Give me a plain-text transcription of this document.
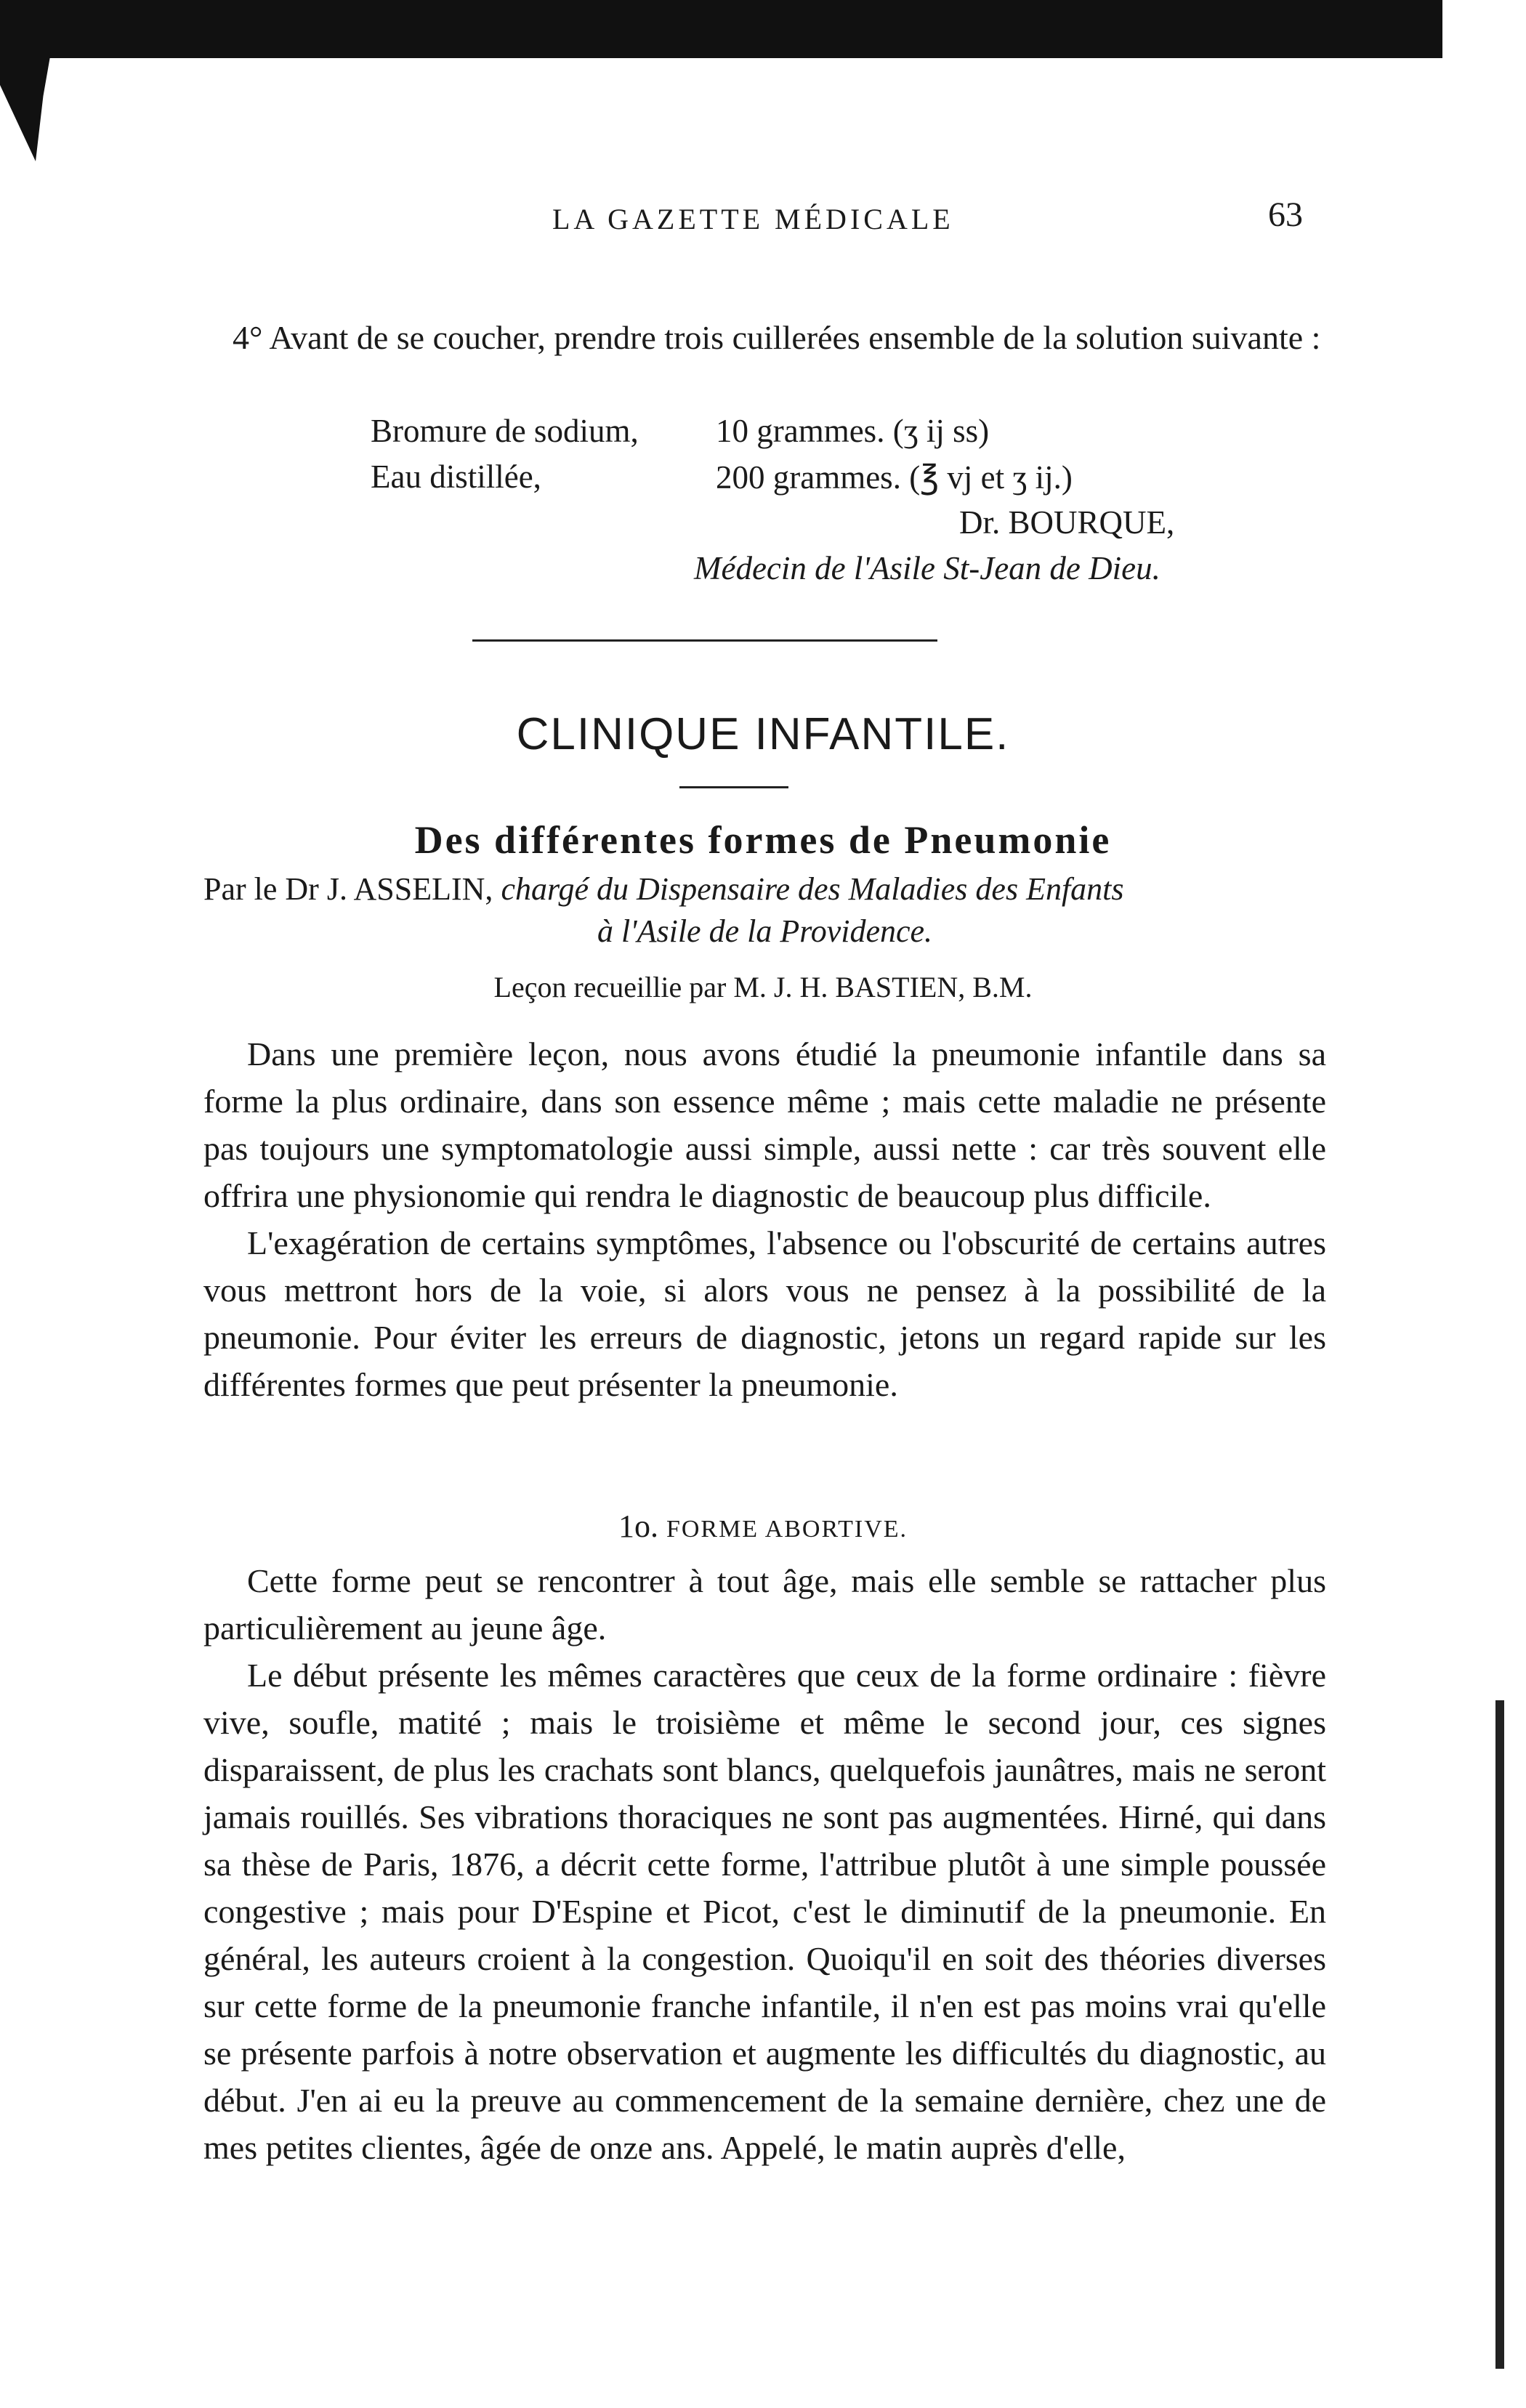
LA GAZETTE MÉDICALE	63

4° Avant de se coucher, prendre trois cuillerées ensemble de la solution suivante :

Bromure de sodium, 10 grammes. (ʒ ij ss)
Eau distillée,	200 grammes. (℥ vj et ʒ ij.)
Dr. BOURQUE,
Médecin de l'Asile St-Jean de Dieu.
CLINIQUE INFANTILE.
Des différentes formes de Pneumonie
Par le Dr J. ASSELIN, chargé du Dispensaire des Maladies des Enfants
à l'Asile de la Providence.
Leçon recueillie par M. J. H. BASTIEN, B.M.

Dans une première leçon, nous avons étudié la pneumonie infantile dans sa forme la plus ordinaire, dans son essence même ; mais cette maladie ne présente pas toujours une symptomatologie aussi simple, aussi nette : car très souvent elle offrira une physionomie qui rendra le diagnostic de beaucoup plus difficile.

L'exagération de certains symptômes, l'absence ou l'obscurité de certains autres vous mettront hors de la voie, si alors vous ne pensez à la possibilité de la pneumonie. Pour éviter les erreurs de diagnostic, jetons un regard rapide sur les différentes formes que peut présenter la pneumonie.

1o. FORME ABORTIVE.

Cette forme peut se rencontrer à tout âge, mais elle semble se rattacher plus particulièrement au jeune âge.

Le début présente les mêmes caractères que ceux de la forme ordinaire : fièvre vive, soufle, matité ; mais le troisième et même le second jour, ces signes disparaissent, de plus les crachats sont blancs, quelquefois jaunâtres, mais ne seront jamais rouillés. Ses vibrations thoraciques ne sont pas augmentées. Hirné, qui dans sa thèse de Paris, 1876, a décrit cette forme, l'attribue plutôt à une simple poussée congestive ; mais pour D'Espine et Picot, c'est le diminutif de la pneumonie. En général, les auteurs croient à la congestion. Quoiqu'il en soit des théories diverses sur cette forme de la pneumonie franche infantile, il n'en est pas moins vrai qu'elle se présente parfois à notre observation et augmente les difficultés du diagnostic, au début. J'en ai eu la preuve au commencement de la semaine dernière, chez une de mes petites clientes, âgée de onze ans. Appelé, le matin auprès d'elle,
